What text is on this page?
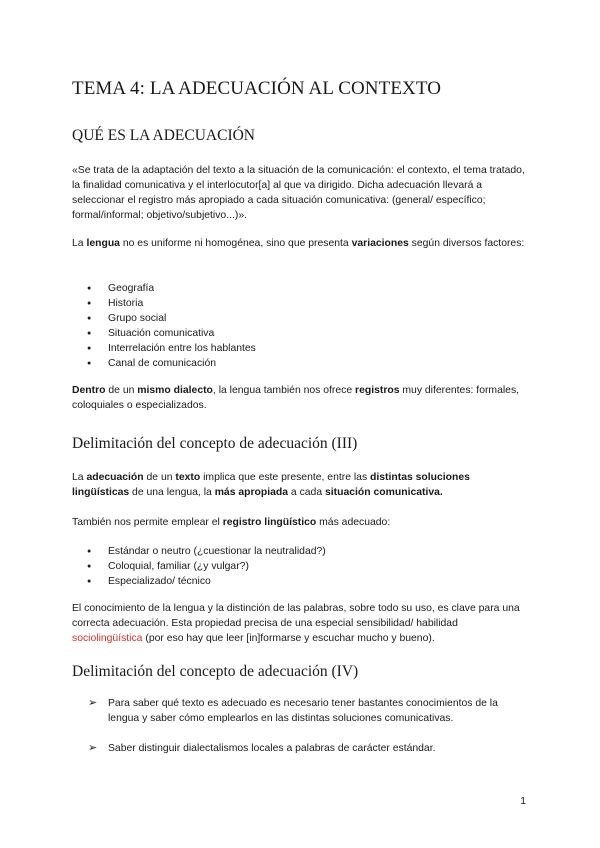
TEMA 4: LA ADECUACIÓN AL CONTEXTO
QUÉ ES LA ADECUACIÓN

«Se trata de la adaptación del texto a la situación de la comunicación: el contexto, el tema tratado, la finalidad comunicativa y el interlocutor[a] al que va dirigido. Dicha adecuación llevará a seleccionar el registro más apropiado a cada situación comunicativa: (general/ específico; formal/informal; objetivo/subjetivo...)».

La lengua no es uniforme ni homogénea, sino que presenta variaciones según diversos factores:

● Geografía
● Historia
● Grupo social
● Situación comunicativa
● Interrelación entre los hablantes
● Canal de comunicación

Dentro de un mismo dialecto, la lengua también nos ofrece registros muy diferentes: formales, coloquiales o especializados.

Delimitación del concepto de adecuación (III)

La adecuación de un texto implica que este presente, entre las distintas soluciones lingüísticas de una lengua, la más apropiada a cada situación comunicativa.

También nos permite emplear el registro lingüístico más adecuado:

● Estándar o neutro (¿cuestionar la neutralidad?)
● Coloquial, familiar (¿y vulgar?)
● Especializado/ técnico

El conocimiento de la lengua y la distinción de las palabras, sobre todo su uso, es clave para una correcta adecuación. Esta propiedad precisa de una especial sensibilidad/ habilidad sociolingüística (por eso hay que leer [in]formarse y escuchar mucho y bueno).

Delimitación del concepto de adecuación (IV)
➢ Para saber qué texto es adecuado es necesario tener bastantes conocimientos de la lengua y saber cómo emplearlos en las distintas soluciones comunicativas.
➢ Saber distinguir dialectalismos locales a palabras de carácter estándar.
1
